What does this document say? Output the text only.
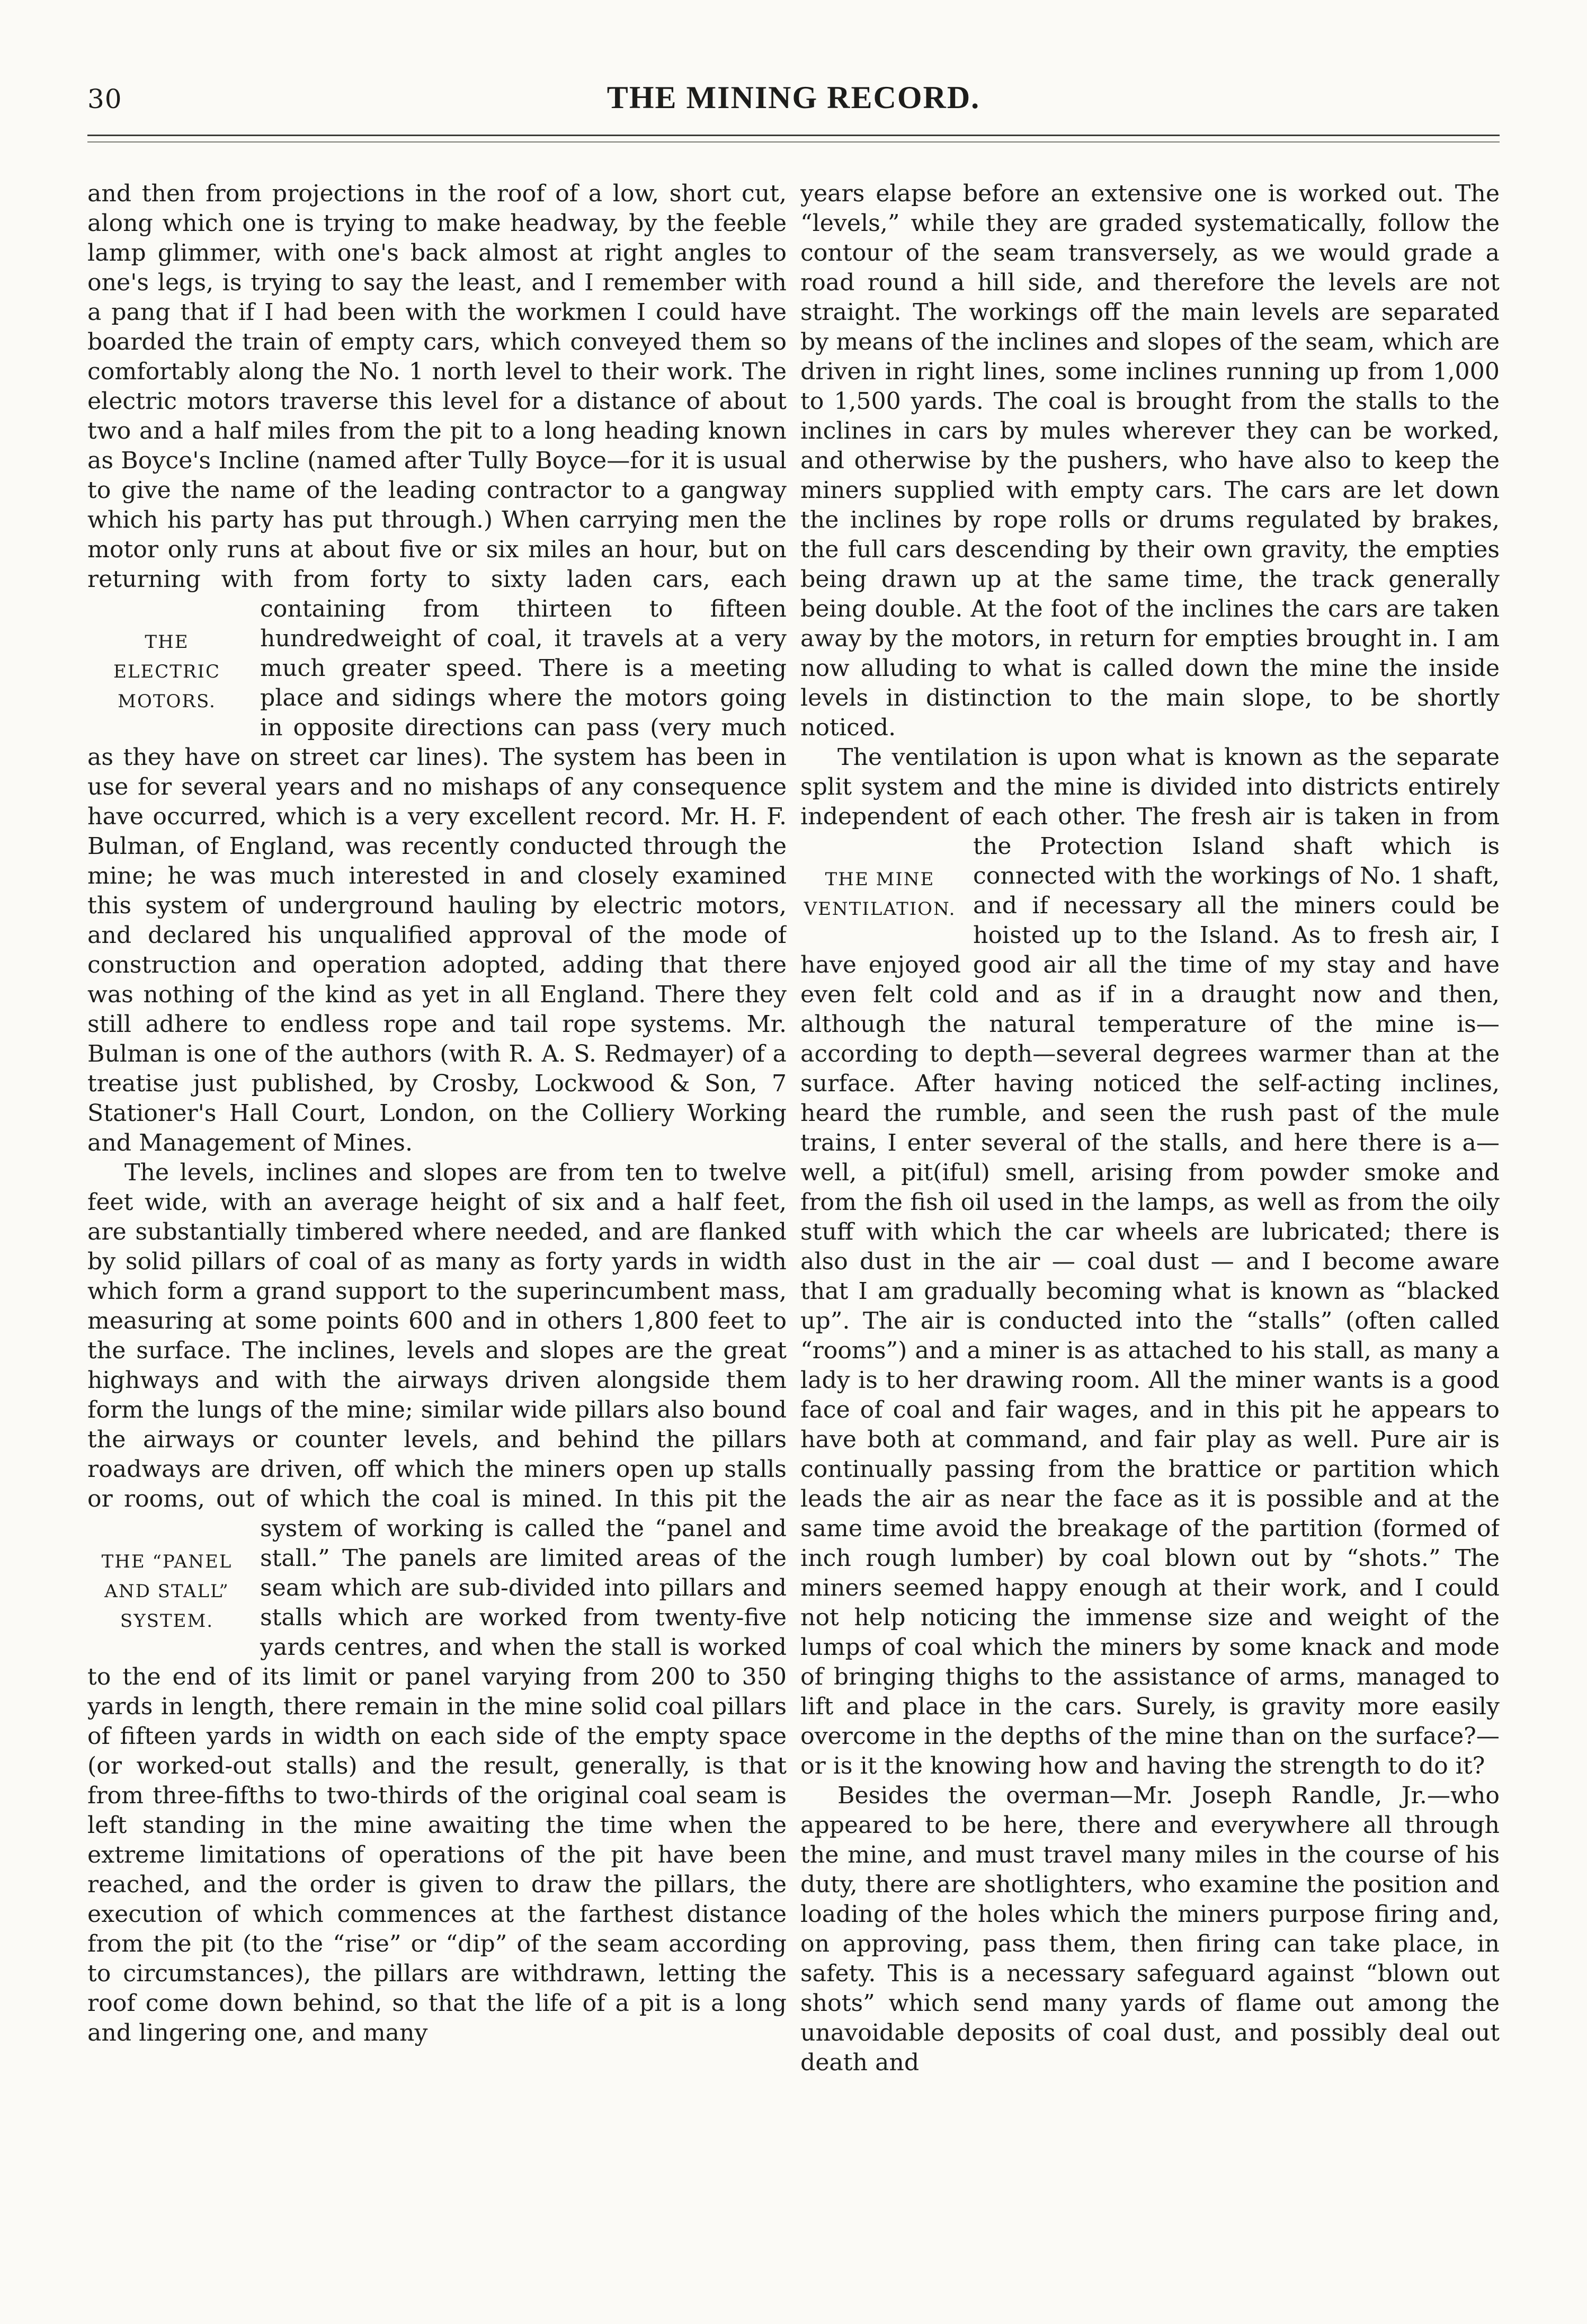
30	THE MINING RECORD.

and then from projections in the roof of a low, short cut, along which one is trying to make headway, by the feeble lamp glimmer, with one's back almost at right angles to one's legs, is trying to say the least, and I remember with a pang that if I had been with the workmen I could have boarded the train of empty cars, which conveyed them so comfortably along the No. 1 north level to their work. The electric motors traverse this level for a distance of about two and a half miles from the pit to a long heading known as Boyce's Incline (named after Tully Boyce—for it is usual to give the name of the leading contractor to a gangway which his party has put through.) When carrying men the motor only runs at about five or six miles an hour, but on returning with from forty to sixty laden cars, each containing from thirteen to
THE
ELECTRIC
MOTORS.
fifteen hundredweight of coal, it travels at a very much greater speed. There is a meeting place and sidings where the motors going in opposite directions can pass (very much as they have on street car lines). The system has been in use for several years and no mishaps of any consequence have occurred, which is a very excellent record. Mr. H. F. Bulman, of England, was recently conducted through the mine; he was much interested in and closely examined this system of underground hauling by electric motors, and declared his unqualified approval of the mode of construction and operation adopted, adding that there was nothing of the kind as yet in all England. There they still adhere to endless rope and tail rope systems. Mr. Bulman is one of the authors (with R. A. S. Redmayer) of a treatise just published, by Crosby, Lockwood & Son, 7 Stationer's Hall Court, London, on the Colliery Working and Management of Mines.

The levels, inclines and slopes are from ten to twelve feet wide, with an average height of six and a half feet, are substantially timbered where needed, and are flanked by solid pillars of coal of as many as forty yards in width which form a grand support to the superincumbent mass, measuring at some points 600 and in others 1,800 feet to the surface. The inclines, levels and slopes are the great highways and with the airways driven alongside them form the lungs of the mine; similar wide pillars also bound the airways or counter levels, and behind the pillars roadways are driven, off which the miners open up stalls or rooms, out of which the coal is mined. In this pit
THE “PANEL
AND STALL”
SYSTEM.
the system of working is called the “panel and stall.” The panels are limited areas of the seam which are sub-divided into pillars and stalls which are worked from twenty-five yards centres, and when the stall is worked to the end of its limit or panel varying from 200 to 350 yards in length, there remain in the mine solid coal pillars of fifteen yards in width on each side of the empty space (or worked-out stalls) and the result, generally, is that from three-fifths to two-thirds of the original coal seam is left standing in the mine awaiting the time when the extreme limitations of operations of the pit have been reached, and the order is given to draw the pillars, the execution of which commences at the farthest distance from the pit (to the “rise” or “dip” of the seam according to circumstances), the pillars are withdrawn, letting the roof come down behind, so that the life of a pit is a long and lingering one, and many

years elapse before an extensive one is worked out. The “levels,” while they are graded systematically, follow the contour of the seam transversely, as we would grade a road round a hill side, and therefore the levels are not straight. The workings off the main levels are separated by means of the inclines and slopes of the seam, which are driven in right lines, some inclines running up from 1,000 to 1,500 yards. The coal is brought from the stalls to the inclines in cars by mules wherever they can be worked, and otherwise by the pushers, who have also to keep the miners supplied with empty cars. The cars are let down the inclines by rope rolls or drums regulated by brakes, the full cars descending by their own gravity, the empties being drawn up at the same time, the track generally being double. At the foot of the inclines the cars are taken away by the motors, in return for empties brought in. I am now alluding to what is called down the mine the inside levels in distinction to the main slope, to be shortly noticed.

The ventilation is upon what is known as the separate split system and the mine is divided into districts entirely independent of each other. The fresh air is taken in from the Protection Island shaft which
THE MINE
VENTILATION.
is connected with the workings of No. 1 shaft, and if necessary all the miners could be hoisted up to the Island. As to fresh air, I have enjoyed good air all the time of my stay and have even felt cold and as if in a draught now and then, although the natural temperature of the mine is—according to depth—several degrees warmer than at the surface. After having noticed the self-acting inclines, heard the rumble, and seen the rush past of the mule trains, I enter several of the stalls, and here there is a—well, a pit(iful) smell, arising from powder smoke and from the fish oil used in the lamps, as well as from the oily stuff with which the car wheels are lubricated; there is also dust in the air — coal dust — and I become aware that I am gradually becoming what is known as “blacked up”. The air is conducted into the “stalls” (often called “rooms”) and a miner is as attached to his stall, as many a lady is to her drawing room. All the miner wants is a good face of coal and fair wages, and in this pit he appears to have both at command, and fair play as well. Pure air is continually passing from the brattice or partition which leads the air as near the face as it is possible and at the same time avoid the breakage of the partition (formed of inch rough lumber) by coal blown out by “shots.” The miners seemed happy enough at their work, and I could not help noticing the immense size and weight of the lumps of coal which the miners by some knack and mode of bringing thighs to the assistance of arms, managed to lift and place in the cars. Surely, is gravity more easily overcome in the depths of the mine than on the surface?—or is it the knowing how and having the strength to do it?

Besides the overman—Mr. Joseph Randle, Jr.—who appeared to be here, there and everywhere all through the mine, and must travel many miles in the course of his duty, there are shotlighters, who examine the position and loading of the holes which the miners purpose firing and, on approving, pass them, then firing can take place, in safety. This is a necessary safeguard against “blown out shots” which send many yards of flame out among the unavoidable deposits of coal dust, and possibly deal out death and
